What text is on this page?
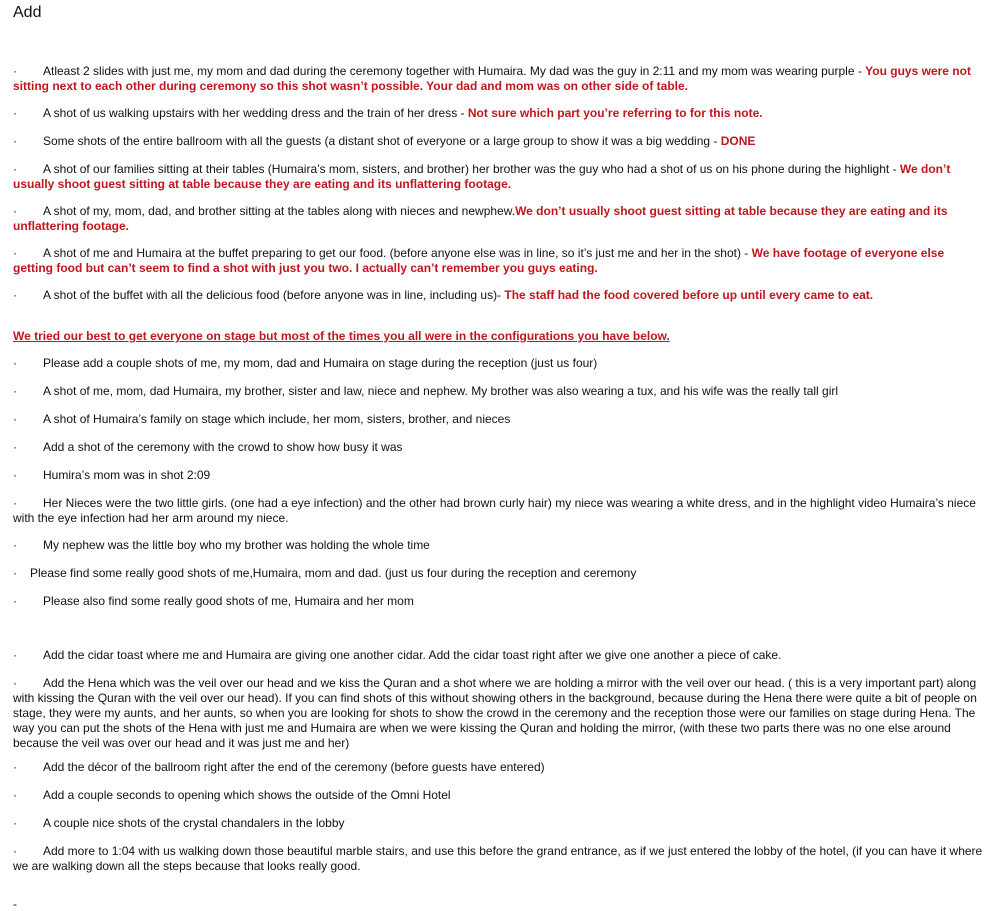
Add
· Atleast 2 slides with just me, my mom and dad during the ceremony together with Humaira. My dad was the guy in 2:11 and my mom was wearing purple - You guys were not sitting next to each other during ceremony so this shot wasn’t possible. Your dad and mom was on other side of table.
· A shot of us walking upstairs with her wedding dress and the train of her dress - Not sure which part you’re referring to for this note.
· Some shots of the entire ballroom with all the guests (a distant shot of everyone or a large group to show it was a big wedding - DONE
· A shot of our families sitting at their tables (Humaira’s mom, sisters, and brother) her brother was the guy who had a shot of us on his phone during the highlight - We don’t usually shoot guest sitting at table because they are eating and its unflattering footage.
· A shot of my, mom, dad, and brother sitting at the tables along with nieces and newphew.We don’t usually shoot guest sitting at table because they are eating and its unflattering footage.
· A shot of me and Humaira at the buffet preparing to get our food. (before anyone else was in line, so it’s just me and her in the shot) - We have footage of everyone else getting food but can’t seem to find a shot with just you two. I actually can’t remember you guys eating.
· A shot of the buffet with all the delicious food (before anyone was in line, including us)- The staff had the food covered before up until every came to eat.
We tried our best to get everyone on stage but most of the times you all were in the configurations you have below.
· Please add a couple shots of me, my mom, dad and Humaira on stage during the reception (just us four)
· A shot of me, mom, dad Humaira, my brother, sister and law, niece and nephew. My brother was also wearing a tux, and his wife was the really tall girl
· A shot of Humaira’s family on stage which include, her mom, sisters, brother, and nieces
· Add a shot of the ceremony with the crowd to show how busy it was
· Humira’s mom was in shot 2:09
· Her Nieces were the two little girls. (one had a eye infection) and the other had brown curly hair) my niece was wearing a white dress, and in the highlight video Humaira’s niece with the eye infection had her arm around my niece.
· My nephew was the little boy who my brother was holding the whole time
· Please find some really good shots of me,Humaira, mom and dad. (just us four during the reception and ceremony
· Please also find some really good shots of me, Humaira and her mom
· Add the cidar toast where me and Humaira are giving one another cidar. Add the cidar toast right after we give one another a piece of cake.
· Add the Hena which was the veil over our head and we kiss the Quran and a shot where we are holding a mirror with the veil over our head. ( this is a very important part) along with kissing the Quran with the veil over our head). If you can find shots of this without showing others in the background, because during the Hena there were quite a bit of people on stage, they were my aunts, and her aunts, so when you are looking for shots to show the crowd in the ceremony and the reception those were our families on stage during Hena. The way you can put the shots of the Hena with just me and Humaira are when we were kissing the Quran and holding the mirror, (with these two parts there was no one else around because the veil was over our head and it was just me and her)
· Add the décor of the ballroom right after the end of the ceremony (before guests have entered)
· Add a couple seconds to opening which shows the outside of the Omni Hotel
· A couple nice shots of the crystal chandalers in the lobby
· Add more to 1:04 with us walking down those beautiful marble stairs, and use this before the grand entrance, as if we just entered the lobby of the hotel, (if you can have it where we are walking down all the steps because that looks really good.
-
